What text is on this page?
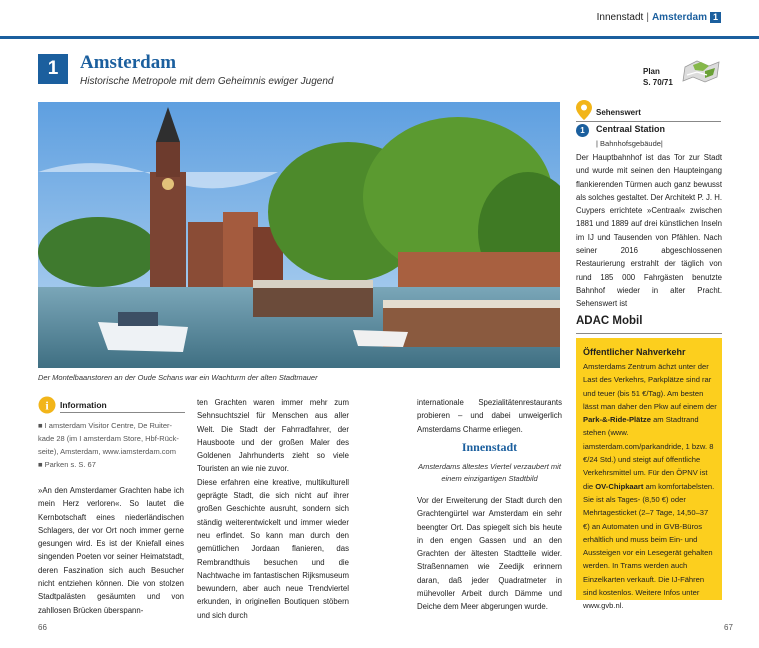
Innenstadt | Amsterdam 1
1	Amsterdam
Historische Metropole mit dem Geheimnis ewiger Jugend
Plan
S. 70/71
Der Montelbaanstoren an der Oude Schans war ein Wachturm der alten Stadtmauer
i Information
■ I amsterdam Visitor Centre, De Ruiter-
kade 28 (im I amsterdam Store, Hbf-Rück-
seite), Amsterdam, www.iamsterdam.com
■ Parken s. S. 67

»An den Amsterdamer Grachten habe ich mein Herz verloren«. So lautet die Kernbotschaft eines niederländischen Schlagers, der vor Ort noch immer gerne gesungen wird. Es ist der Kniefall eines singenden Poeten vor seiner Heimatstadt, deren Faszination sich auch Besucher nicht entziehen können. Die von stolzen Stadtpalästen gesäumten und von zahllosen Brücken überspann-

ten Grachten waren immer mehr zum Sehnsuchtsziel für Menschen aus aller Welt. Die Stadt der Fahrradfahrer, der Hausboote und der großen Maler des Goldenen Jahrhunderts zieht so viele Touristen an wie nie zuvor.

Diese erfahren eine kreative, multikulturell geprägte Stadt, die sich nicht auf ihrer großen Geschichte ausruht, sondern sich ständig weiterentwickelt und immer wieder neu erfindet. So kann man durch den gemütlichen Jordaan flanieren, das Rembrandthuis besuchen und die Nachtwache im fantastischen Rijksmuseum bewundern, aber auch neue Trendviertel erkunden, in originellen Boutiquen stöbern und sich durch

internationale Spezialitätenrestaurants probieren – und dabei unweigerlich Amsterdams Charme erliegen.

Innenstadt
Amsterdams ältestes Viertel verzaubert mit einem einzigartigen Stadtbild

Vor der Erweiterung der Stadt durch den Grachtengürtel war Amsterdam ein sehr beengter Ort. Das spiegelt sich bis heute in den engen Gassen und an den Grachten der ältesten Stadtteile wider. Straßennamen wie Zeedijk erinnern daran, daß jeder Quadratmeter in mühevoller Arbeit durch Dämme und Deiche dem Meer abgerungen wurde.

Sehenswert
1	Centraal Station
| Bahnhofsgebäude|
Der Hauptbahnhof ist das Tor zur Stadt und wurde mit seinen den Haupteingang flankierenden Türmen auch ganz bewusst als solches gestaltet. Der Architekt P. J. H. Cuypers errichtete »Centraal« zwischen 1881 und 1889 auf drei künstlichen Inseln im IJ und Tausenden von Pfählen. Nach seiner 2016 abgeschlossenen Restaurierung erstrahlt der täglich von rund 185 000 Fahrgästen benutzte Bahnhof wieder in alter Pracht. Sehenswert ist
ADAC Mobil
Öffentlicher Nahverkehr
Amsterdams Zentrum ächzt unter der Last des Verkehrs, Parkplätze sind rar und teuer (bis 51 €/Tag). Am besten lässt man daher den Pkw auf einem der Park-&-Ride-Plätze am Stadtrand stehen (www. iamsterdam.com/parkandride, 1 bzw. 8 €/24 Std.) und steigt auf öffentliche Verkehrsmittel um. Für den ÖPNV ist die OV-Chipkaart am komfortabelsten. Sie ist als Tages- (8,50 €) oder Mehrtagesticket (2–7 Tage, 14,50–37 €) an Automaten und in GVB-Büros erhältlich und muss beim Ein- und Aussteigen vor ein Lesegerät gehalten werden. In Trams werden auch Einzelkarten verkauft. Die IJ-Fähren sind kostenlos. Weitere Infos unter www.gvb.nl.
66	67
